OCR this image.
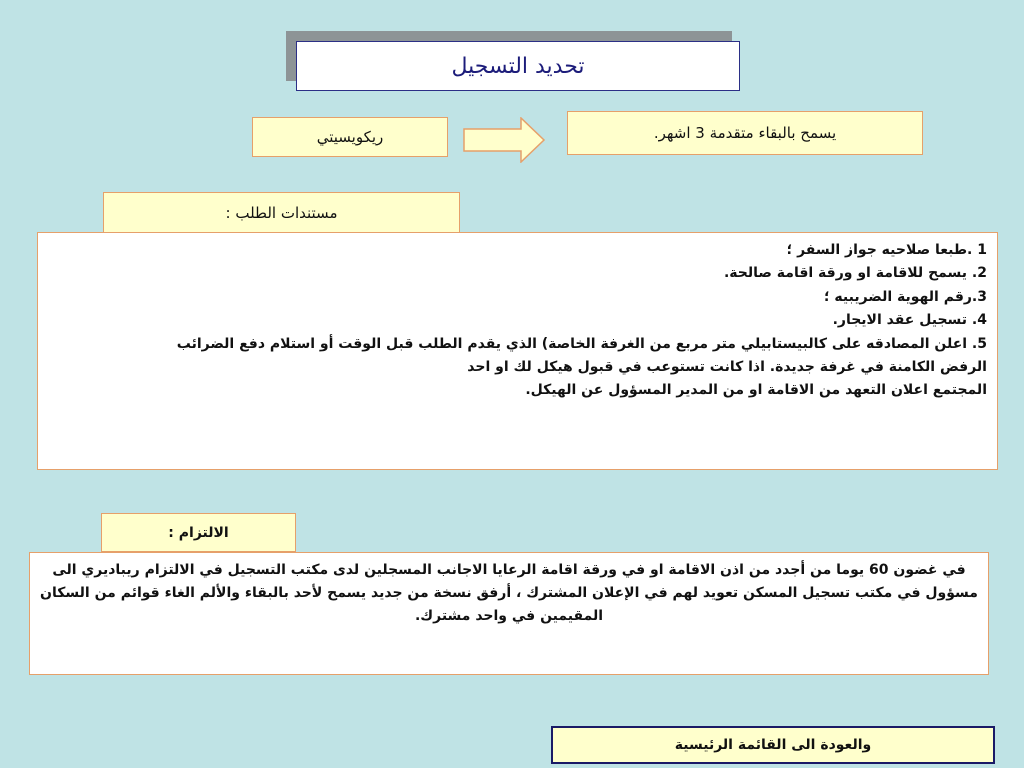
تحديد التسجيل
يسمح بالبقاء متقدمة 3 اشهر.
ريكويسيتي
مستندات الطلب :
1 .طبعا صلاحيه جواز السفر ؛
2. يسمح للاقامة او ورقة اقامة صالحة.
3.رقم الهوية الضريبيه ؛
4. تسجيل عقد الايجار.
5. اعلن المصادقه على كالبيستابيلي متر مربع من الغرفة الخاصة) الذي يقدم الطلب قبل الوقت أو استلام دفع الضرائب
الرفض الكامنة في غرفة جديدة. اذا كانت تستوعب في قبول هيكل لك او احد
المجتمع اعلان التعهد من الاقامة او من المدير المسؤول عن الهيكل.
الالتزام :
في غضون 60 يوما من أجدد من اذن الاقامة او في ورقة اقامة الرعايا الاجانب المسجلين لدى مكتب التسجيل في الالتزام ريباديري الى مسؤول في مكتب تسجيل المسكن تعويد لهم في الإعلان المشترك ، أرفق نسخة من جديد يسمح لأحد بالبقاء والألم الغاء قوائم من السكان المقيمين في واحد مشترك.
والعودة الى القائمة الرئيسية
